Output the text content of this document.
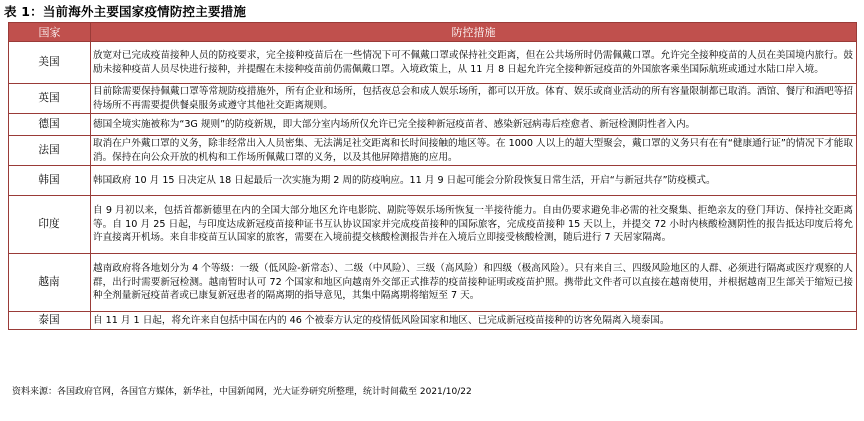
表 1：当前海外主要国家疫情防控主要措施
国家	防控措施
美国	放宽对已完成疫苗接种人员的防疫要求，完全接种疫苗后在一些情况下可不佩戴口罩或保持社交距离，但在公共场所时仍需佩戴口罩。允许完全接种疫苗的人员在美国境内旅行。鼓励未接种疫苗人员尽快进行接种，并提醒在未接种疫苗前仍需佩戴口罩。入境政策上，从 11 月 8 日起允许完全接种新冠疫苗的外国旅客乘坐国际航班或通过水陆口岸入境。
英国	目前除需要保持佩戴口罩等常规防疫措施外，所有企业和场所，包括夜总会和成人娱乐场所，都可以开放。体育、娱乐或商业活动的所有容量限制都已取消。酒馆、餐厅和酒吧等招待场所不再需要提供餐桌服务或遵守其他社交距离规则。
德国	德国全境实施被称为“3G 规则”的防疫新规，即大部分室内场所仅允许已完全接种新冠疫苗者、感染新冠病毒后痊愈者、新冠检测阴性者入内。
法国	取消在户外戴口罩的义务，除非经常出入人员密集、无法满足社交距离和长时间接触的地区等。在 1000 人以上的超大型聚会，戴口罩的义务只有在有“健康通行证”的情况下才能取消。保持在向公众开放的机构和工作场所佩戴口罩的义务，以及其他屏障措施的应用。
韩国	韩国政府 10 月 15 日决定从 18 日起最后一次实施为期 2 周的防疫响应。11 月 9 日起可能会分阶段恢复日常生活，开启“与新冠共存”防疫模式。
印度	自 9 月初以来，包括首都新德里在内的全国大部分地区允许电影院、剧院等娱乐场所恢复一半接待能力。自由仍要求避免非必需的社交聚集、拒绝亲友的登门拜访、保持社交距离等。自 10 月 25 日起，与印度达成新冠疫苗接种证书互认协议国家并完成疫苗接种的国际旅客，完成疫苗接种 15 天以上，并提交 72 小时内核酸检测阴性的报告抵达印度后将允许直接离开机场。来自非疫苗互认国家的旅客，需要在入境前提交核酸检测报告并在入境后立即接受核酸检测，随后进行 7 天居家隔离。
越南	越南政府将各地划分为 4 个等级：一级（低风险-新常态）、二级（中风险）、三级（高风险）和四级（极高风险）。只有来自三、四级风险地区的人群、必须进行隔离或医疗观察的人群，出行时需要新冠检测。越南暂时认可 72 个国家和地区向越南外交部正式推荐的疫苗接种证明或疫苗护照。携带此文件者可以直接在越南使用，并根据越南卫生部关于缩短已接种全剂量新冠疫苗者或已康复新冠患者的隔离期的指导意见，其集中隔离期将缩短至 7 天。
泰国	自 11 月 1 日起，将允许来自包括中国在内的 46 个被泰方认定的疫情低风险国家和地区、已完成新冠疫苗接种的访客免隔离入境泰国。
资料来源：各国政府官网，各国官方媒体，新华社，中国新闻网，光大证券研究所整理，统计时间截至 2021/10/22
